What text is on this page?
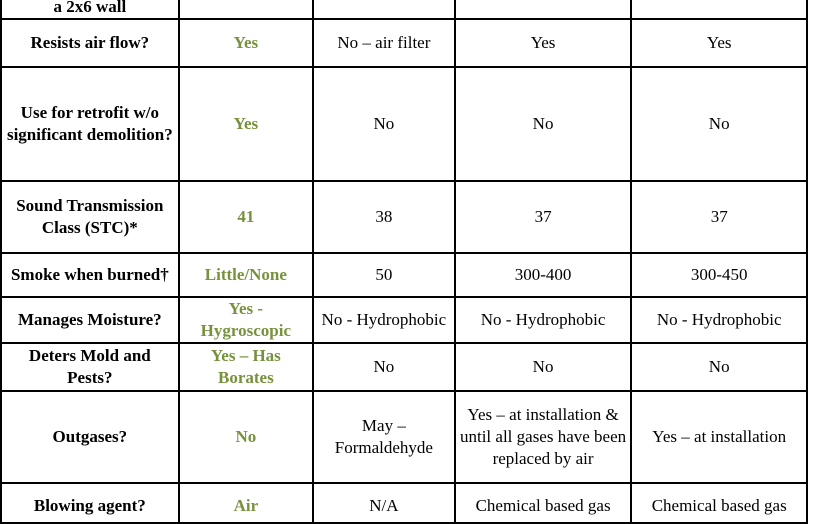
a 2x6 wall				
Resists air flow?	Yes	No – air filter	Yes	Yes
Use for retrofit w/o significant demolition?	Yes	No	No	No
Sound Transmission Class (STC)*	41	38	37	37
Smoke when burned†	Little/None	50	300-400	300-450
Manages Moisture?	Yes - Hygroscopic	No - Hydrophobic	No - Hydrophobic	No - Hydrophobic
Deters Mold and Pests?	Yes – Has Borates	No	No	No
Outgases?	No	May – Formaldehyde	Yes – at installation & until all gases have been replaced by air	Yes – at installation
Blowing agent?	Air	N/A	Chemical based gas	Chemical based gas
